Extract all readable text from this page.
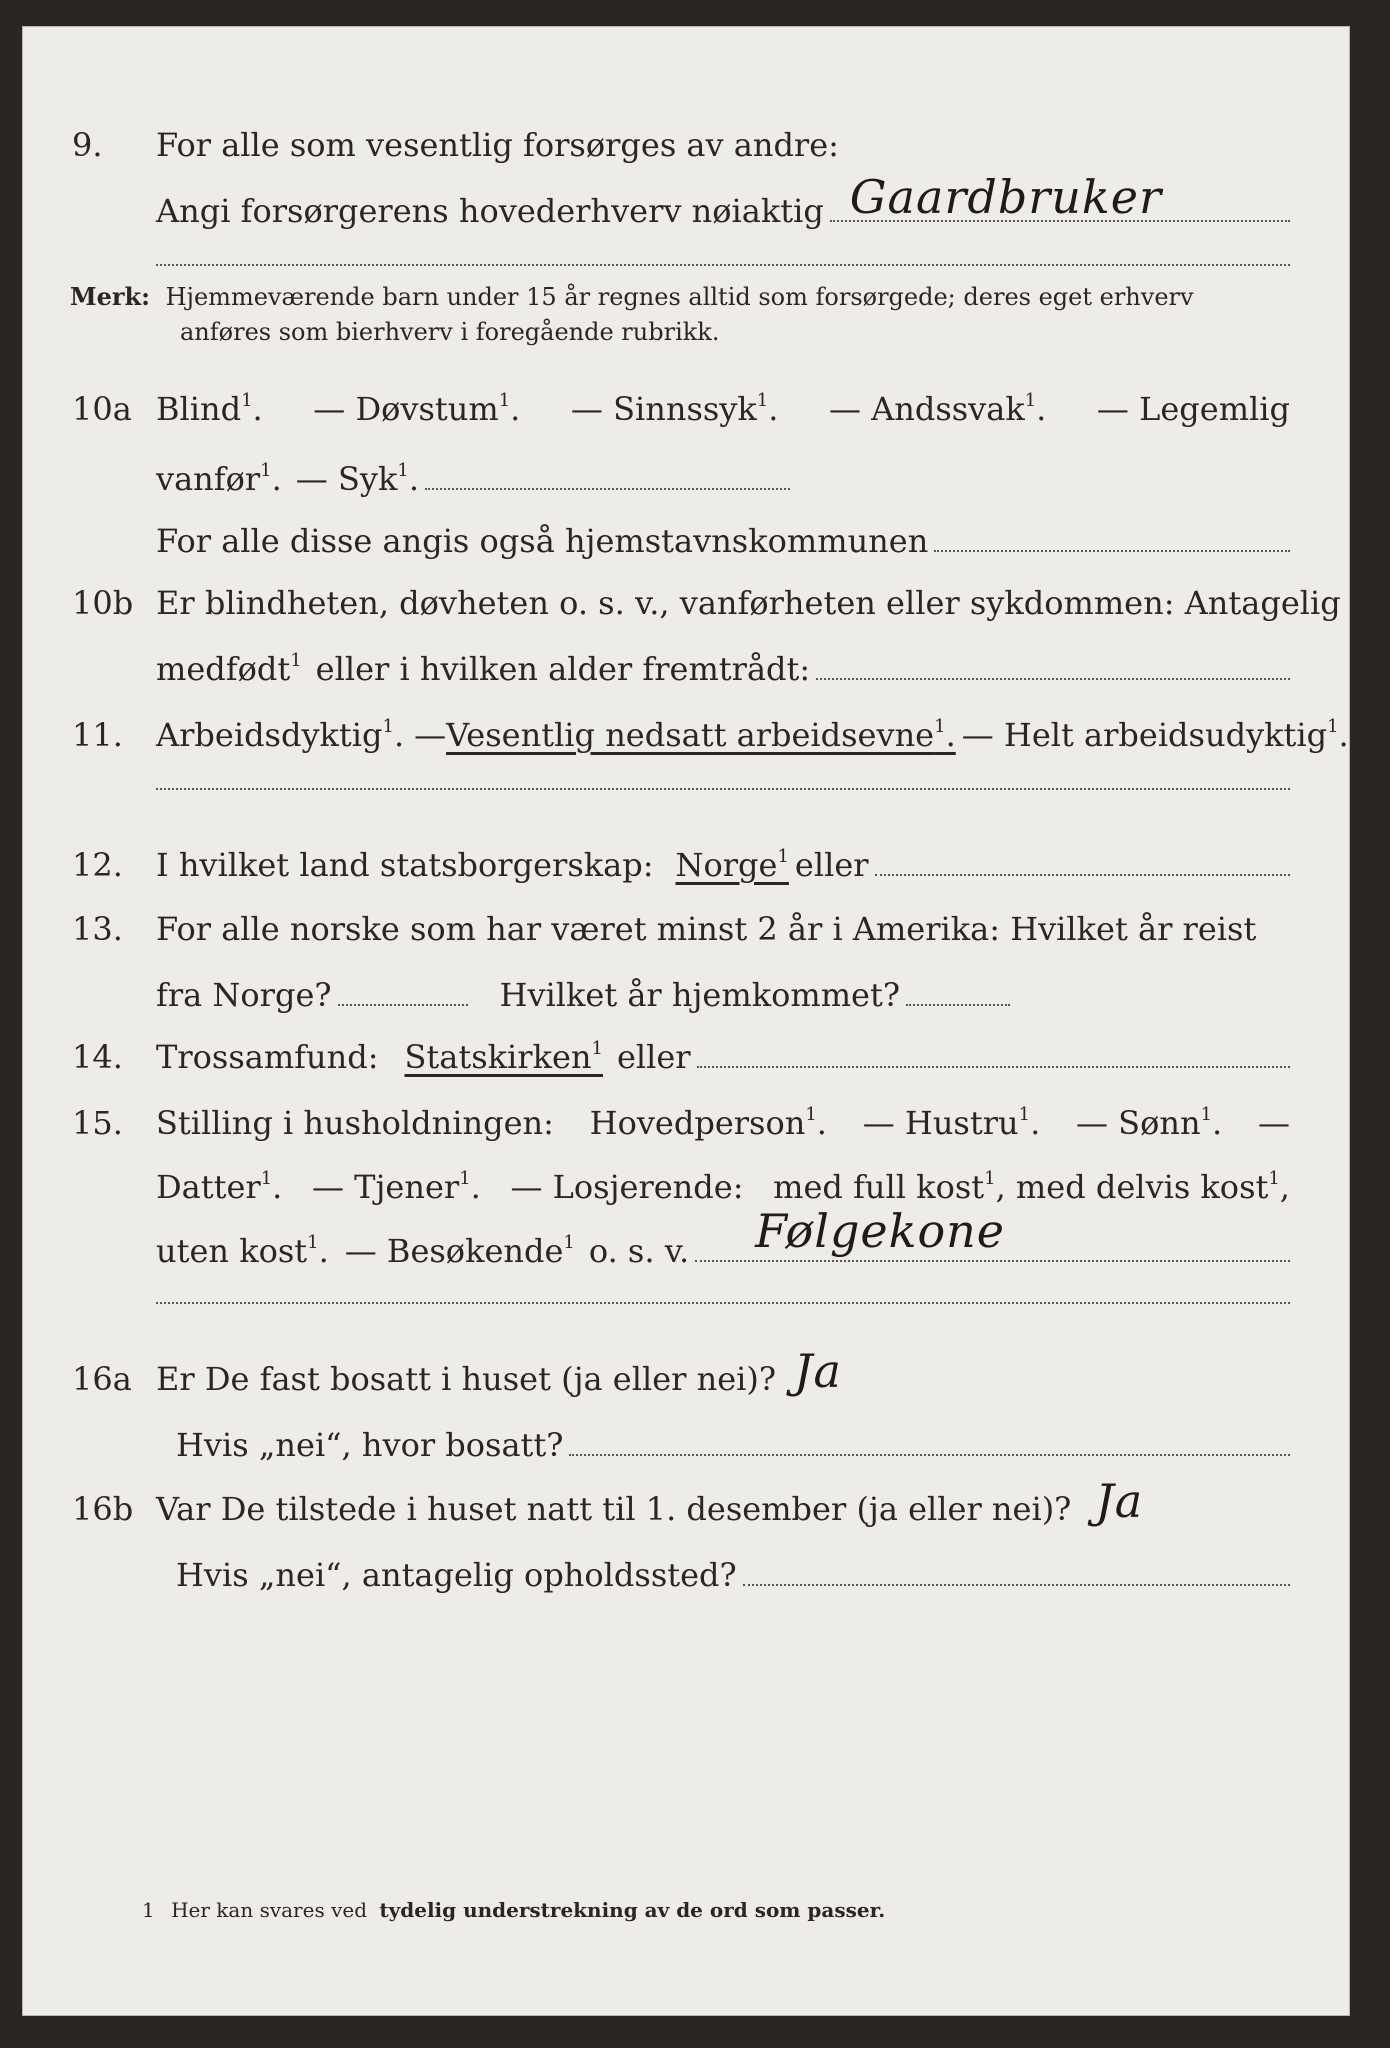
9.	For alle som vesentlig forsørges av andre:
Angi forsørgerens hovederhverv nøiaktig Gaardbruker
Merk: Hjemmeværende barn under 15 år regnes alltid som forsørgede; deres eget erhverv
anføres som bierhverv i foregående rubrikk.
10a Blind$^1$. — Døvstum$^1$. — Sinnssyk$^1$. — Andssvak$^1$. — Legemlig
vanfør$^1$. — Syk$^1$.
For alle disse angis også hjemstavnskommunen
10b Er blindheten, døvheten o. s. v., vanførheten eller sykdommen: Antagelig
medfødt$^1$ eller i hvilken alder fremtrådt:
11.	Arbeidsdyktig$^1$. — Vesentlig nedsatt arbeidsevne$^1$. — Helt arbeidsudyktig$^1$.
12.	I hvilket land statsborgerskap: Norge$^1$ eller
13.	For alle norske som har været minst 2 år i Amerika: Hvilket år reist
fra Norge?	Hvilket år hjemkommet?
14.	Trossamfund: Statskirken$^1$ eller
15.	Stilling i husholdningen: Hovedperson$^1$. — Hustru$^1$. — Sønn$^1$. —
Datter$^1$. — Tjener$^1$. — Losjerende: med full kost$^1$, med delvis kost$^1$,
uten kost$^1$. — Besøkende$^1$ o. s. v. Følgekone
16a Er De fast bosatt i huset (ja eller nei)? Ja
Hvis „nei“, hvor bosatt?
16b Var De tilstede i huset natt til 1. desember (ja eller nei)? Ja
Hvis „nei“, antagelig opholdssted?
1 Her kan svares ved tydelig understrekning av de ord som passer.
